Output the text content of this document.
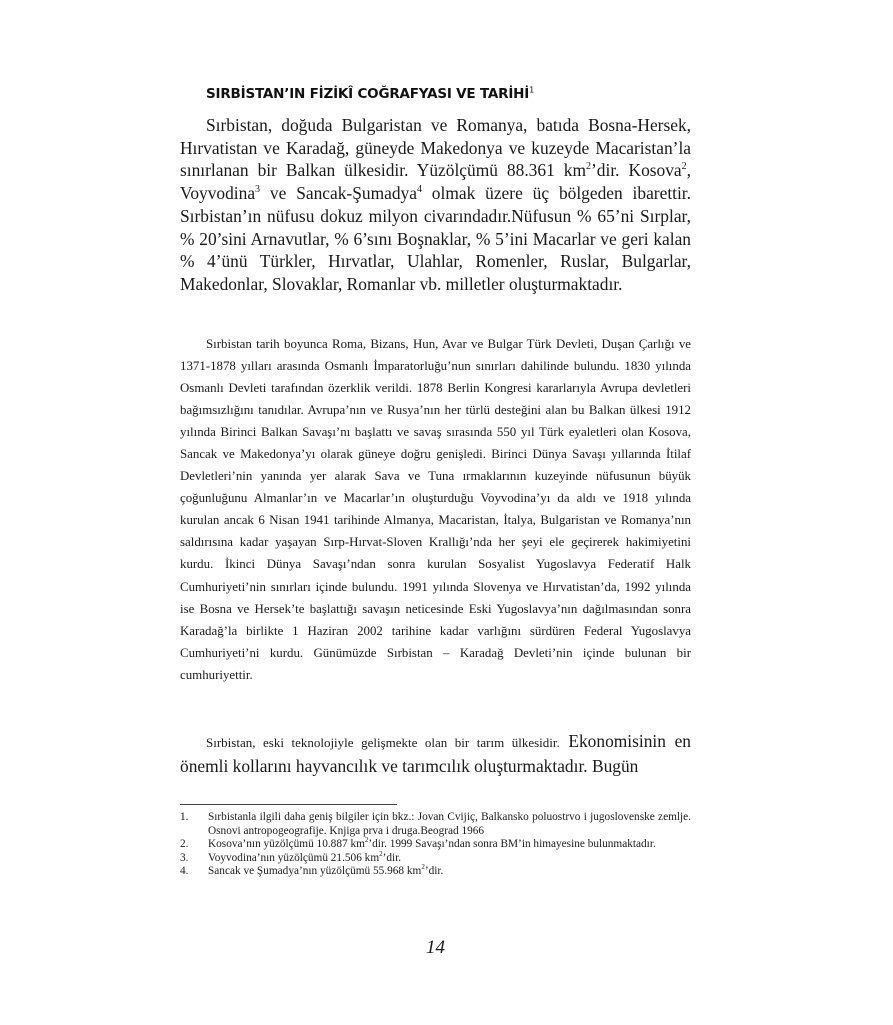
SIRBİSTAN’IN FİZİKÎ COĞRAFYASI VE TARİHİ$^1$

Sırbistan, doğuda Bulgaristan ve Romanya, batıda Bosna-Hersek, Hırvatistan ve Karadağ, güneyde Makedonya ve kuzeyde Macaristan’la sınırlanan bir Balkan ülkesidir. Yüzölçümü 88.361 $km^2’dir$. Kosova$^2$, Voyvodina$^3$ ve Sancak-Şumadya$^4$ olmak üzere üç bölgeden ibarettir. Sırbistan’ın nüfusu dokuz milyon civarındadır.Nüfusun % 65’ni Sırplar, % 20’sini Arnavutlar, % 6’sını Boşnaklar, % 5’ini Macarlar ve geri kalan % 4’ünü Türkler, Hırvatlar, Ulahlar, Romenler, Ruslar, Bulgarlar, Makedonlar, Slovaklar, Romanlar vb. milletler oluşturmaktadır.

Sırbistan tarih boyunca Roma, Bizans, Hun, Avar ve Bulgar Türk Devleti, Duşan Çarlığı ve 1371-1878 yılları arasında Osmanlı İmparatorluğu’nun sınırları dahilinde bulundu. 1830 yılında Osmanlı Devleti tarafından özerklik verildi. 1878 Berlin Kongresi kararlarıyla Avrupa devletleri bağımsızlığını tanıdılar. Avrupa’nın ve Rusya’nın her türlü desteğini alan bu Balkan ülkesi 1912 yılında Birinci Balkan Savaşı’nı başlattı ve savaş sırasında 550 yıl Türk eyaletleri olan Kosova, Sancak ve Makedonya’yı olarak güneye doğru genişledi. Birinci Dünya Savaşı yıllarında İtilaf Devletleri’nin yanında yer alarak Sava ve Tuna ırmaklarının kuzeyinde nüfusunun büyük çoğunluğunu Almanlar’ın ve Macarlar’ın oluşturduğu Voyvodina’yı da aldı ve 1918 yılında kurulan ancak 6 Nisan 1941 tarihinde Almanya, Macaristan, İtalya, Bulgaristan ve Romanya’nın saldırısına kadar yaşayan Sırp-Hırvat-Sloven Krallığı’nda her şeyi ele geçirerek hakimiyetini kurdu. İkinci Dünya Savaşı’ndan sonra kurulan Sosyalist Yugoslavya Federatif Halk Cumhuriyeti’nin sınırları içinde bulundu. 1991 yılında Slovenya ve Hırvatistan’da, 1992 yılında ise Bosna ve Hersek’te başlattığı savaşın neticesinde Eski Yugoslavya’nın dağılmasından sonra Karadağ’la birlikte 1 Haziran 2002 tarihine kadar varlığını sürdüren Federal Yugoslavya Cumhuriyeti’ni kurdu. Günümüzde Sırbistan – Karadağ Devleti’nin içinde bulunan bir cumhuriyettir.

Sırbistan, eski teknolojiyle gelişmekte olan bir tarım ülkesidir. Ekonomisinin en önemli kollarını hayvancılık ve tarımcılık oluşturmaktadır. Bugün

1. Sırbistanla ilgili daha geniş bilgiler için bkz.: Jovan Cvijiç, Balkansko poluostrvo i jugoslovenske zemlje. Osnovi antropogeografije. Knjiga prva i druga.Beograd 1966
2. Kosova’nın yüzölçümü 10.887 $km^2’dir$. 1999 Savaşı’ndan sonra BM’in himayesine bulunmaktadır.
3. Voyvodina’nın yüzölçümü 21.506 $km^2’dir$.
4. Sancak ve Şumadya’nın yüzölçümü 55.968 $km^2’dir$.
14
